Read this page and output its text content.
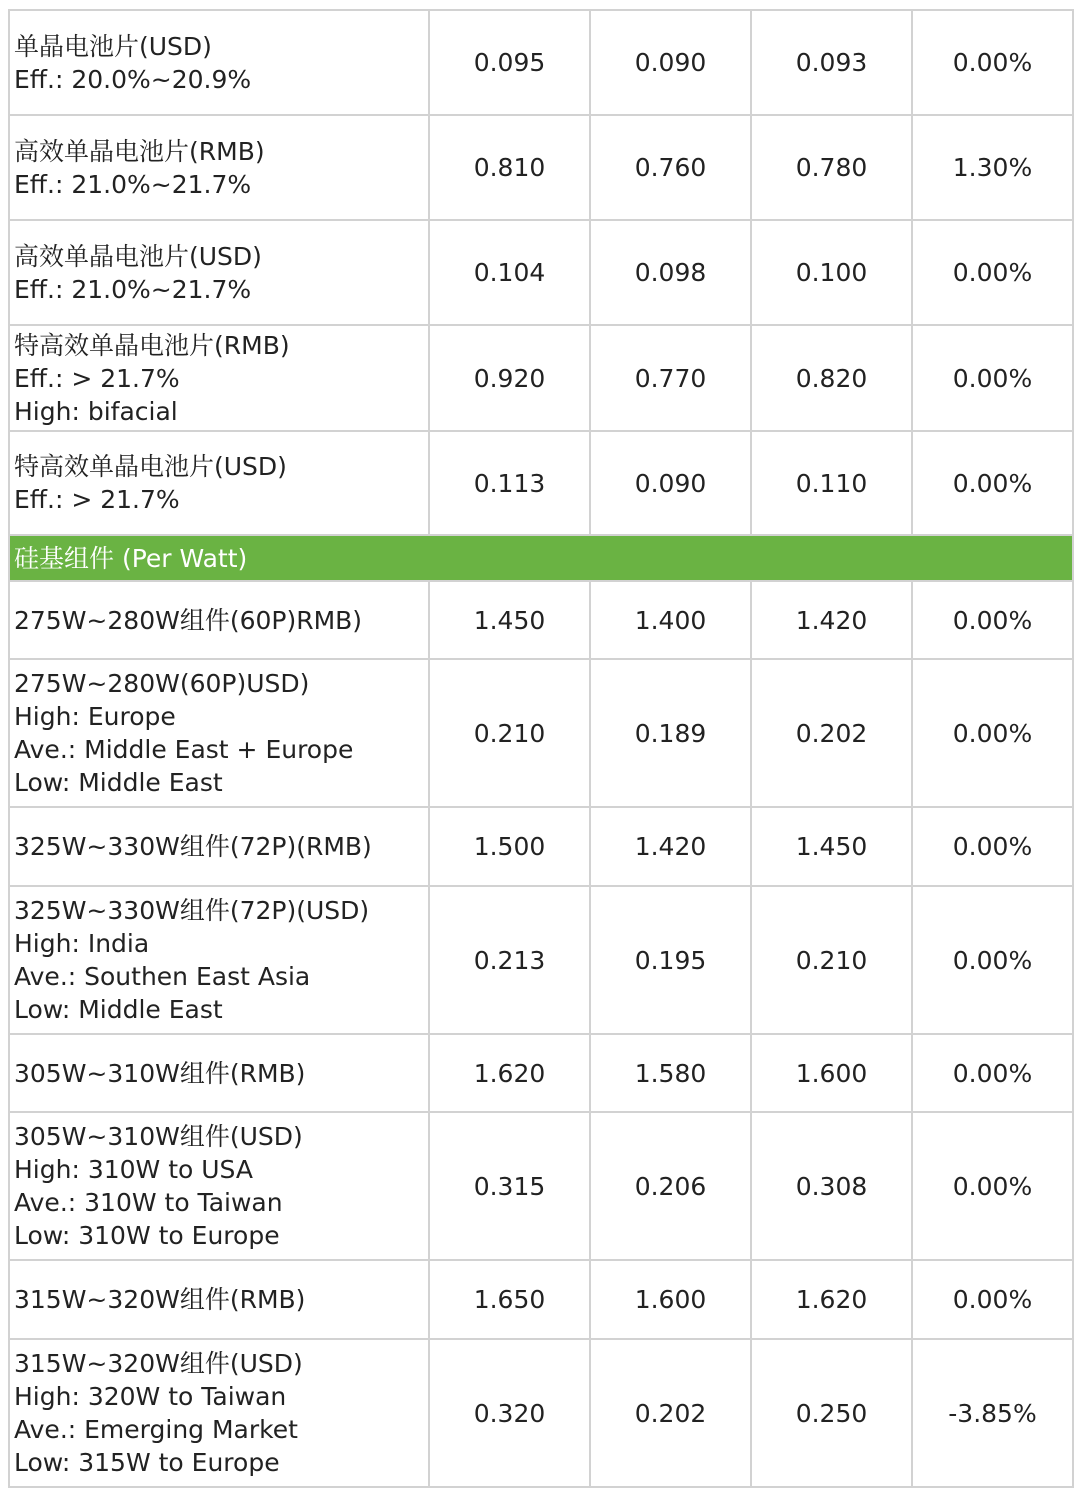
单晶电池片(USD)
Eff.: 20.0%~20.9%	0.095	0.090	0.093	0.00%

高效单晶电池片(RMB)
Eff.: 21.0%~21.7%	0.810	0.760	0.780	1.30%

高效单晶电池片(USD)
Eff.: 21.0%~21.7%	0.104	0.098	0.100	0.00%

特高效单晶电池片(RMB)
Eff.: > 21.7%
High: bifacial	0.920	0.770	0.820	0.00%

特高效单晶电池片(USD)
Eff.: > 21.7%	0.113	0.090	0.110	0.00%
硅基组件 (Per Watt)				

275W~280W组件(60P)RMB)	1.450	1.400	1.420	0.00%

275W~280W(60P)USD)
High: Europe
Ave.: Middle East + Europe
Low: Middle East	0.210	0.189	0.202	0.00%

325W~330W组件(72P)(RMB)	1.500	1.420	1.450	0.00%

325W~330W组件(72P)(USD)
High: India
Ave.: Southen East Asia
Low: Middle East	0.213	0.195	0.210	0.00%

305W~310W组件(RMB)	1.620	1.580	1.600	0.00%

305W~310W组件(USD)
High: 310W to USA
Ave.: 310W to Taiwan
Low: 310W to Europe	0.315	0.206	0.308	0.00%

315W~320W组件(RMB)	1.650	1.600	1.620	0.00%

315W~320W组件(USD)
High: 320W to Taiwan
Ave.: Emerging Market
Low: 315W to Europe	0.320	0.202	0.250	-3.85%
